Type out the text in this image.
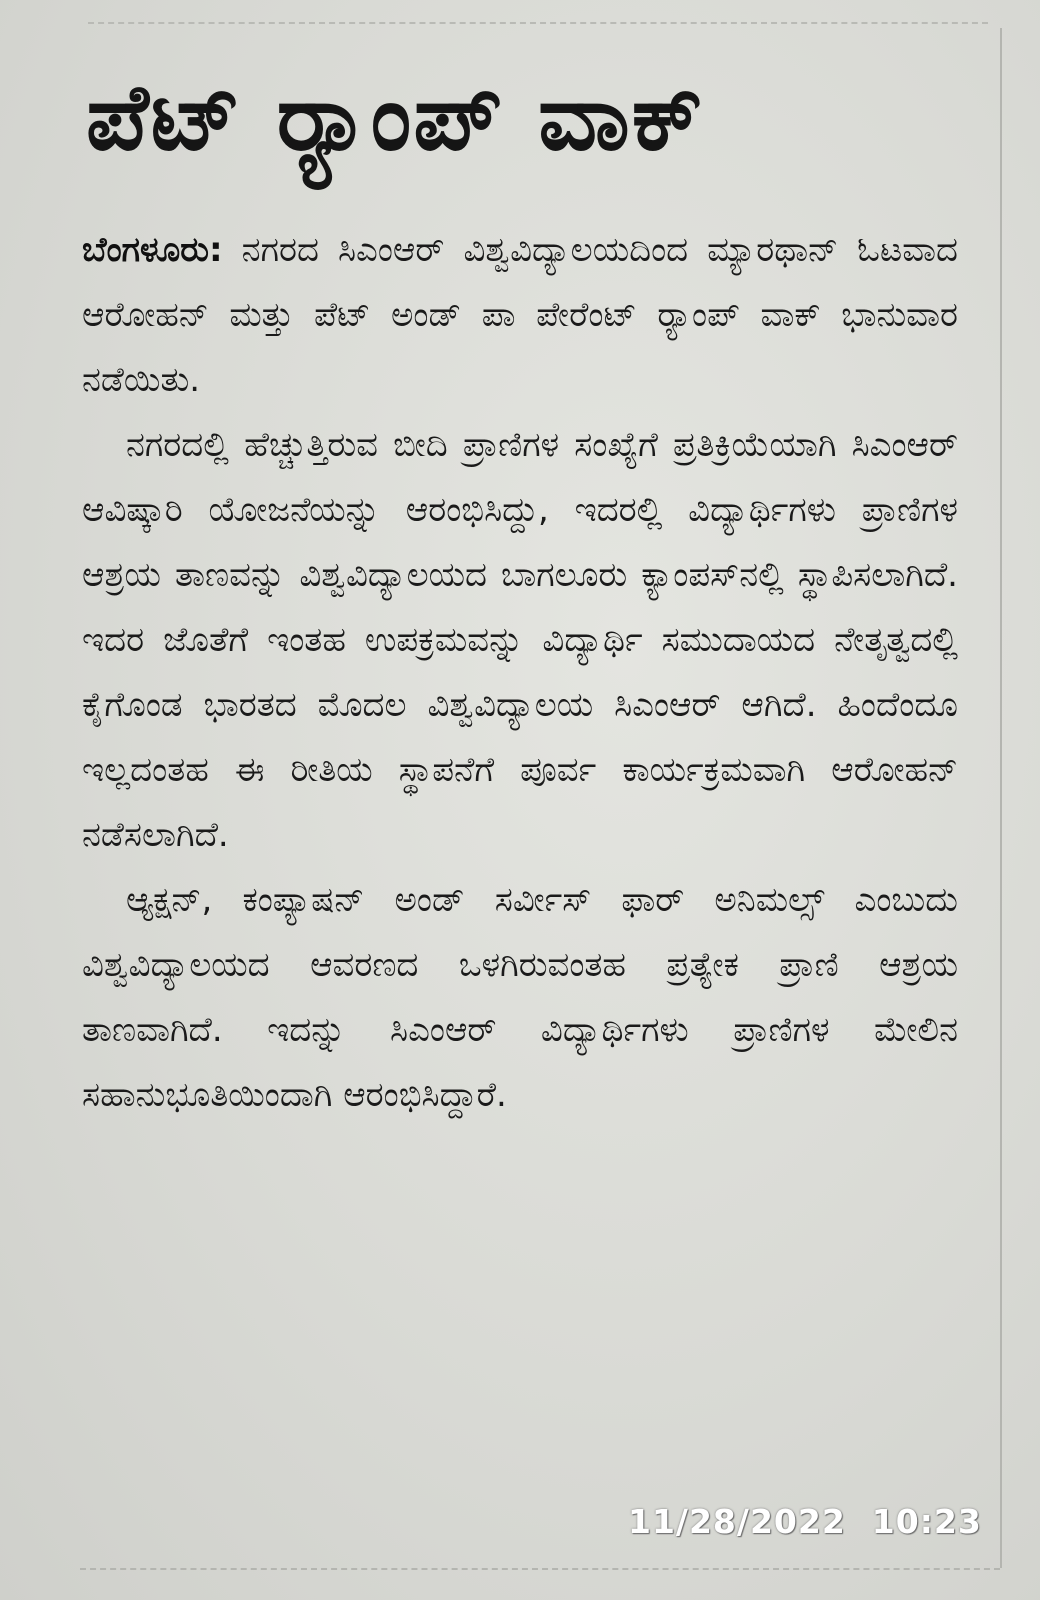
ಪೆಟ್ ರ್‍ಯಾಂಪ್ ವಾಕ್

ಬೆಂಗಳೂರು: ನಗರದ ಸಿಎಂಆರ್ ವಿಶ್ವವಿದ್ಯಾಲಯದಿಂದ ಮ್ಯಾರಥಾನ್ ಓಟವಾದ ಆರೋಹನ್ ಮತ್ತು ಪೆಟ್ ಅಂಡ್ ಪಾ ಪೇರೆಂಟ್ ರ್‍ಯಾಂಪ್ ವಾಕ್ ಭಾನುವಾರ ನಡೆಯಿತು.

ನಗರದಲ್ಲಿ ಹೆಚ್ಚುತ್ತಿರುವ ಬೀದಿ ಪ್ರಾಣಿಗಳ ಸಂಖ್ಯೆಗೆ ಪ್ರತಿಕ್ರಿಯೆಯಾಗಿ ಸಿಎಂಆರ್ ಆವಿಷ್ಕಾರಿ ಯೋಜನೆಯನ್ನು ಆರಂಭಿಸಿದ್ದು, ಇದರಲ್ಲಿ ವಿದ್ಯಾರ್ಥಿಗಳು ಪ್ರಾಣಿಗಳ ಆಶ್ರಯ ತಾಣವನ್ನು ವಿಶ್ವವಿದ್ಯಾಲಯದ ಬಾಗಲೂರು ಕ್ಯಾಂಪಸ್‌ನಲ್ಲಿ ಸ್ಥಾಪಿಸಲಾಗಿದೆ. ಇದರ ಜೊತೆಗೆ ಇಂತಹ ಉಪಕ್ರಮವನ್ನು ವಿದ್ಯಾರ್ಥಿ ಸಮುದಾಯದ ನೇತೃತ್ವದಲ್ಲಿ ಕೈಗೊಂಡ ಭಾರತದ ಮೊದಲ ವಿಶ್ವವಿದ್ಯಾಲಯ ಸಿಎಂಆರ್ ಆಗಿದೆ. ಹಿಂದೆಂದೂ ಇಲ್ಲದಂತಹ ಈ ರೀತಿಯ ಸ್ಥಾಪನೆಗೆ ಪೂರ್ವ ಕಾರ್ಯಕ್ರಮವಾಗಿ ಆರೋಹನ್ ನಡೆಸಲಾಗಿದೆ.

ಆ್ಯಕ್ಷನ್, ಕಂಪ್ಯಾಷನ್ ಅಂಡ್ ಸರ್ವೀಸ್ ಫಾರ್ ಅನಿಮಲ್ಸ್ ಎಂಬುದು ವಿಶ್ವವಿದ್ಯಾಲಯದ ಆವರಣದ ಒಳಗಿರುವಂತಹ ಪ್ರತ್ಯೇಕ ಪ್ರಾಣಿ ಆಶ್ರಯ ತಾಣವಾಗಿದೆ. ಇದನ್ನು ಸಿಎಂಆರ್ ವಿದ್ಯಾರ್ಥಿಗಳು ಪ್ರಾಣಿಗಳ ಮೇಲಿನ ಸಹಾನುಭೂತಿಯಿಂದಾಗಿ ಆರಂಭಿಸಿದ್ದಾರೆ.

11/28/2022 10:23
